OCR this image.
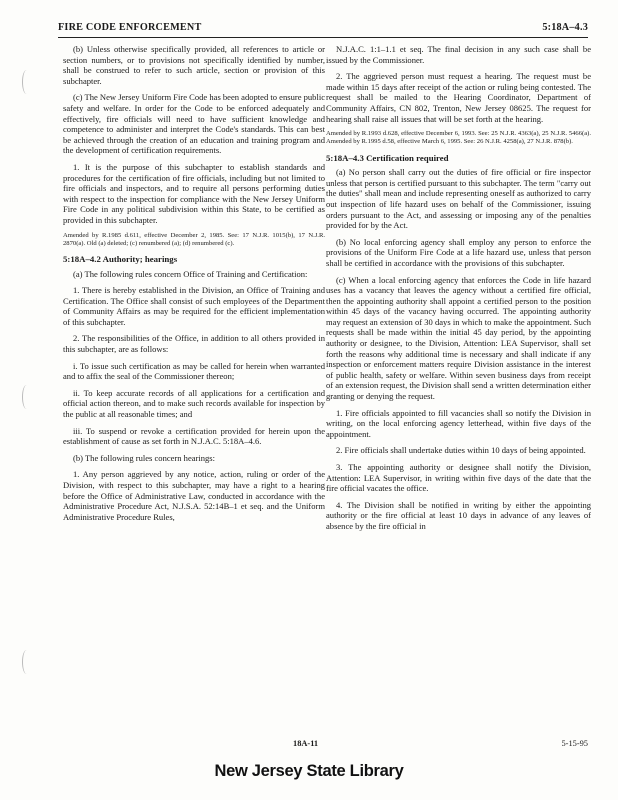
FIRE CODE ENFORCEMENT	5:18A–4.3

(b) Unless otherwise specifically provided, all references to article or section numbers, or to provisions not specifically identified by number, shall be construed to refer to such article, section or provision of this subchapter.

(c) The New Jersey Uniform Fire Code has been adopted to ensure public safety and welfare. In order for the Code to be enforced adequately and effectively, fire officials will need to have sufficient knowledge and competence to administer and interpret the Code's standards. This can best be achieved through the creation of an education and training program and the development of certification requirements.

1. It is the purpose of this subchapter to establish standards and procedures for the certification of fire officials, including but not limited to fire officials and inspectors, and to require all persons performing duties with respect to the inspection for compliance with the New Jersey Uniform Fire Code in any political subdivision within this State, to be certified as provided in this subchapter.

Amended by R.1985 d.611, effective December 2, 1985. See: 17 N.J.R. 1015(b), 17 N.J.R. 2870(a). Old (a) deleted; (c) renumbered (a); (d) renumbered (c).

5:18A–4.2 Authority; hearings

(a) The following rules concern Office of Training and Certification:

1. There is hereby established in the Division, an Office of Training and Certification. The Office shall consist of such employees of the Department of Community Affairs as may be required for the efficient implementation of this subchapter.

2. The responsibilities of the Office, in addition to all others provided in this subchapter, are as follows:

i. To issue such certification as may be called for herein when warranted and to affix the seal of the Commissioner thereon;

ii. To keep accurate records of all applications for a certification and official action thereon, and to make such records available for inspection by the public at all reasonable times; and

iii. To suspend or revoke a certification provided for herein upon the establishment of cause as set forth in N.J.A.C. 5:18A–4.6.

(b) The following rules concern hearings:

1. Any person aggrieved by any notice, action, ruling or order of the Division, with respect to this subchapter, may have a right to a hearing before the Office of Administrative Law, conducted in accordance with the Administrative Procedure Act, N.J.S.A. 52:14B–1 et seq. and the Uniform Administrative Procedure Rules,

N.J.A.C. 1:1–1.1 et seq. The final decision in any such case shall be issued by the Commissioner.

2. The aggrieved person must request a hearing. The request must be made within 15 days after receipt of the action or ruling being contested. The request shall be mailed to the Hearing Coordinator, Department of Community Affairs, CN 802, Trenton, New Jersey 08625. The request for hearing shall raise all issues that will be set forth at the hearing.

Amended by R.1993 d.628, effective December 6, 1993. See: 25 N.J.R. 4363(a), 25 N.J.R. 5466(a). Amended by R.1995 d.58, effective March 6, 1995. See: 26 N.J.R. 4258(a), 27 N.J.R. 878(b).

5:18A–4.3 Certification required

(a) No person shall carry out the duties of fire official or fire inspector unless that person is certified pursuant to this subchapter. The term "carry out the duties" shall mean and include representing oneself as authorized to carry out inspection of life hazard uses on behalf of the Commissioner, issuing orders pursuant to the Act, and assessing or imposing any of the penalties provided for by the Act.

(b) No local enforcing agency shall employ any person to enforce the provisions of the Uniform Fire Code at a life hazard use, unless that person shall be certified in accordance with the provisions of this subchapter.

(c) When a local enforcing agency that enforces the Code in life hazard uses has a vacancy that leaves the agency without a certified fire official, then the appointing authority shall appoint a certified person to the position within 45 days of the vacancy having occurred. The appointing authority may request an extension of 30 days in which to make the appointment. Such requests shall be made within the initial 45 day period, by the appointing authority or designee, to the Division, Attention: LEA Supervisor, shall set forth the reasons why additional time is necessary and shall indicate if any inspection or enforcement matters require Division assistance in the interest of public health, safety or welfare. Within seven business days from receipt of an extension request, the Division shall send a written determination either granting or denying the request.

1. Fire officials appointed to fill vacancies shall so notify the Division in writing, on the local enforcing agency letterhead, within five days of the appointment.

2. Fire officials shall undertake duties within 10 days of being appointed.

3. The appointing authority or designee shall notify the Division, Attention: LEA Supervisor, in writing within five days of the date that the fire official vacates the office.

4. The Division shall be notified in writing by either the appointing authority or the fire official at least 10 days in advance of any leaves of absence by the fire official in

18A-11	5-15-95
New Jersey State Library
